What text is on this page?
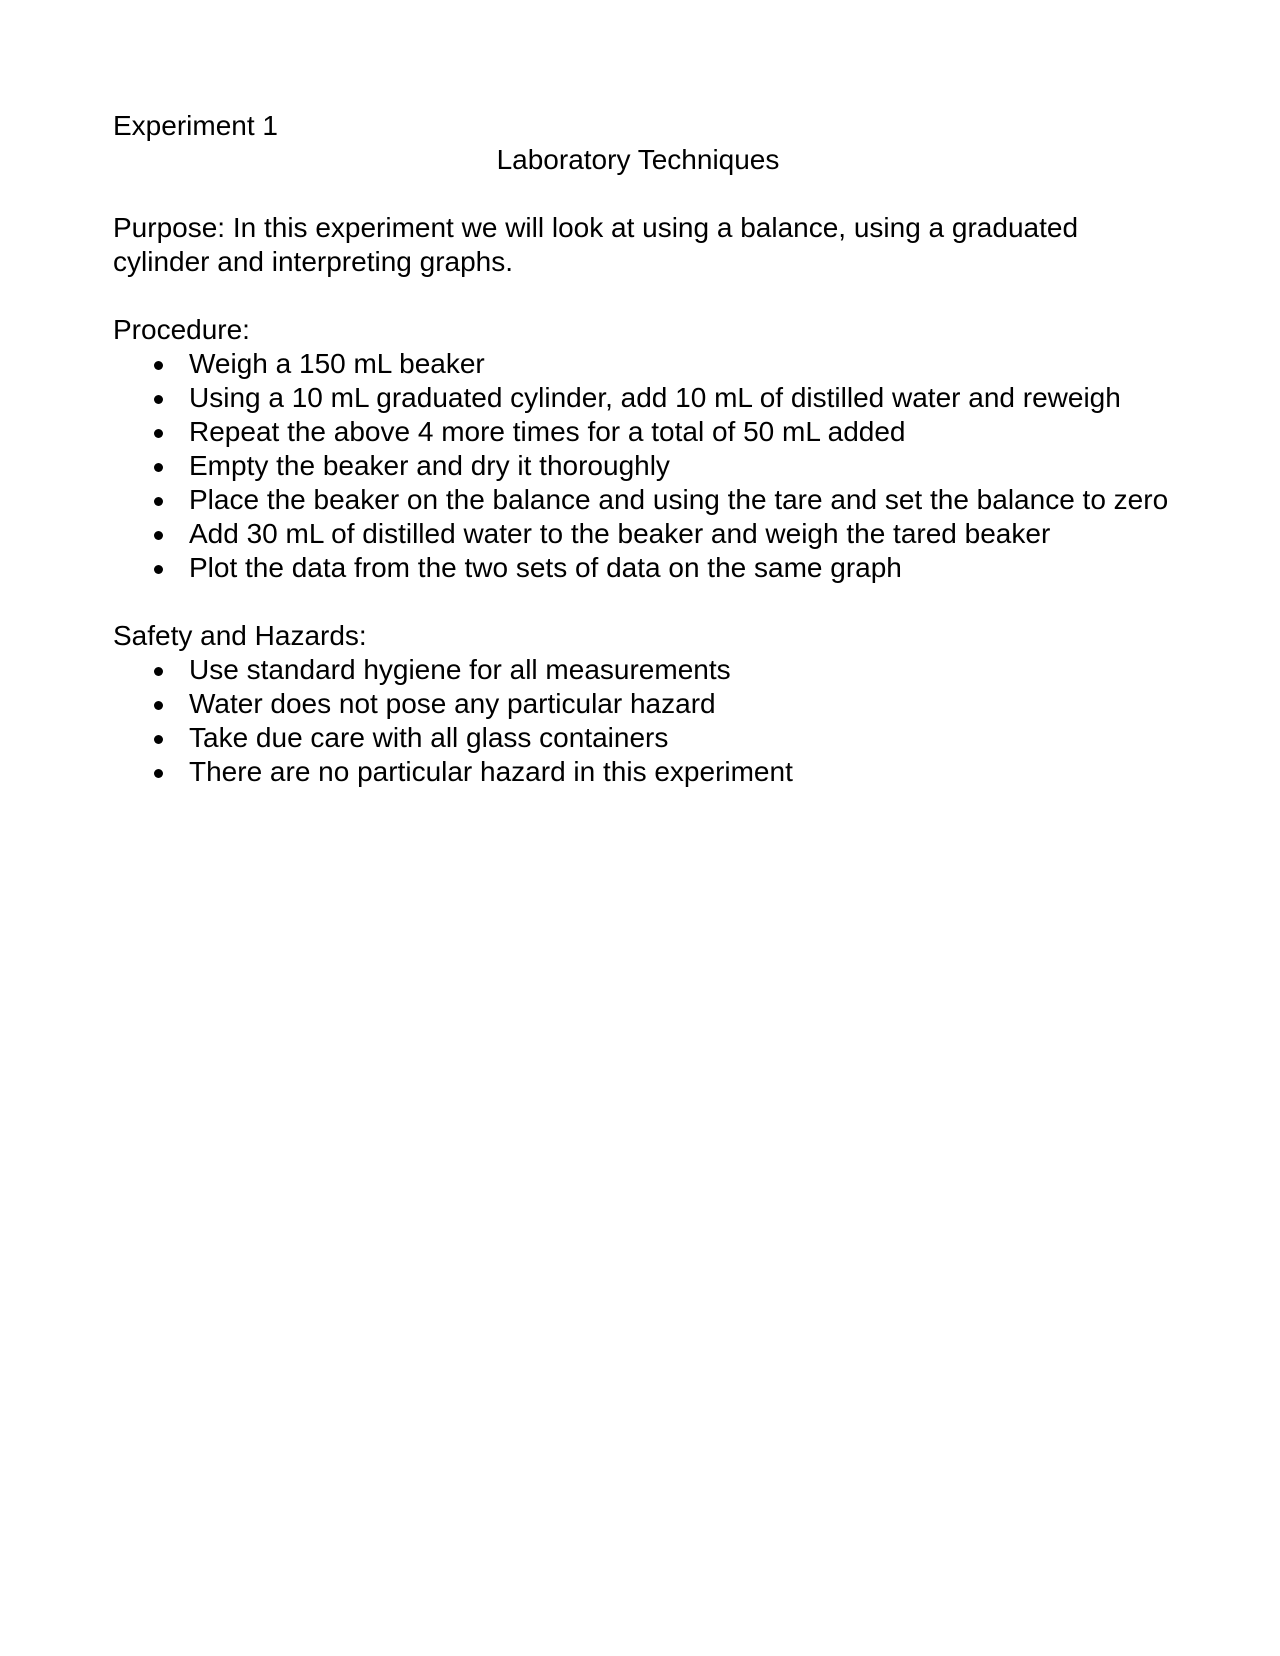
Experiment 1

Laboratory Techniques

Purpose: In this experiment we will look at using a balance, using a graduated cylinder and interpreting graphs.

Procedure:

Weigh a 150 mL beaker
Using a 10 mL graduated cylinder, add 10 mL of distilled water and reweigh
Repeat the above 4 more times for a total of 50 mL added
Empty the beaker and dry it thoroughly
Place the beaker on the balance and using the tare and set the balance to zero
Add 30 mL of distilled water to the beaker and weigh the tared beaker
Plot the data from the two sets of data on the same graph

Safety and Hazards:

Use standard hygiene for all measurements
Water does not pose any particular hazard
Take due care with all glass containers
There are no particular hazard in this experiment
